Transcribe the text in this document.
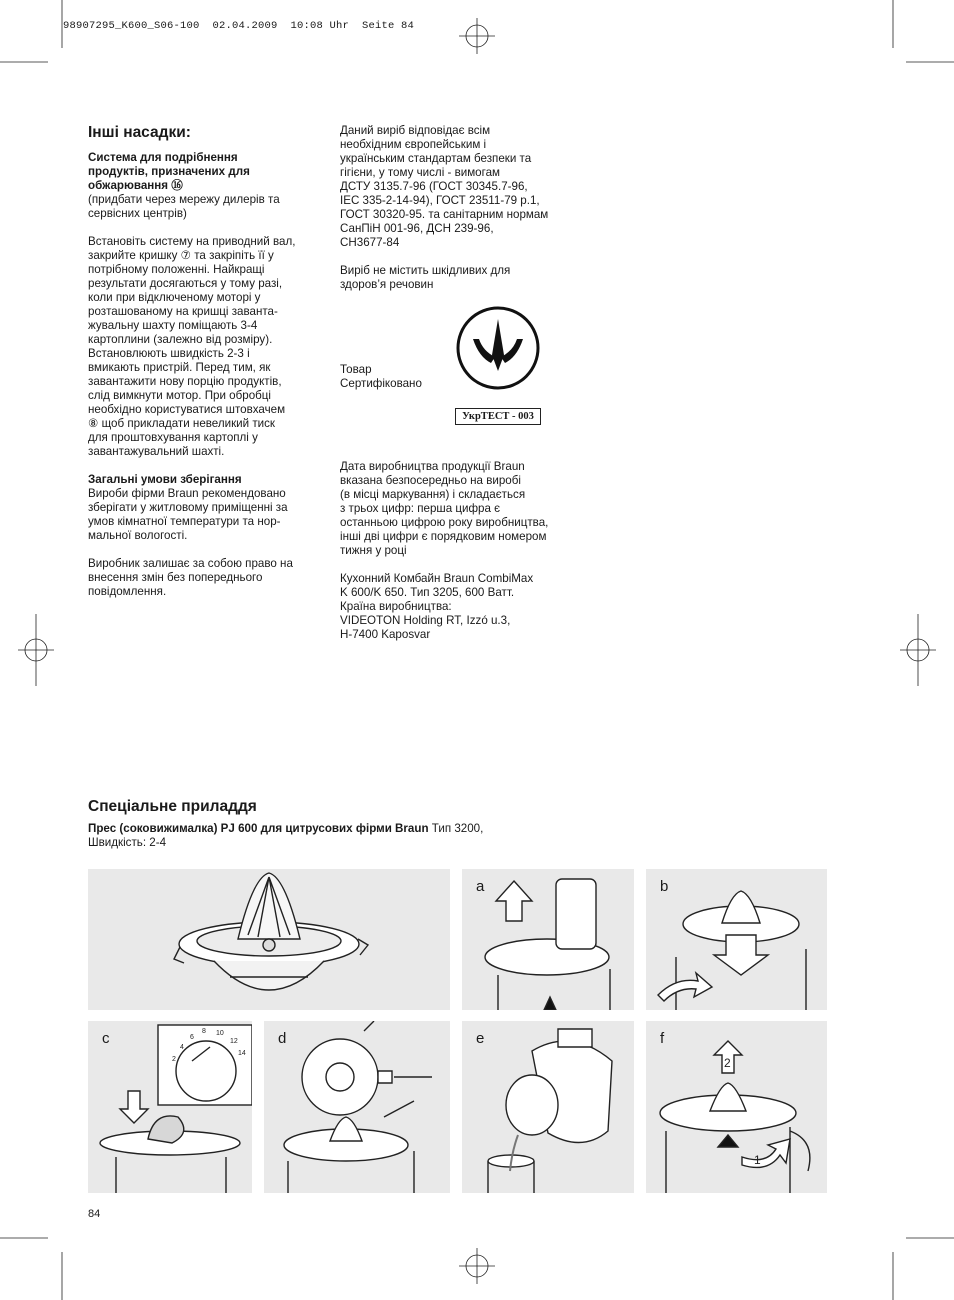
98907295_K600_S06-100  02.04.2009  10:08 Uhr  Seite 84
Інші насадки:

Система для подрібнення

продуктів, призначених для

обжарювання ⑯

(придбати через мережу дилерів та

сервісних центрів)

Встановіть систему на приводний вал,

закрийте кришку ⑦ та закріпіть її у

потрібному положенні. Найкращі

результати досягаються у тому разі,

коли при відключеному моторі у

розташованому на кришці заванта-

жувальну шахту поміщають 3-4

картоплини (залежно від розміру).

Встановлюють швидкість 2-3 і

вмикають пристрій. Перед тим, як

завантажити нову порцію продуктів,

слід вимкнути мотор. При обробці

необхідно користуватися штовхачем

⑧ щоб прикладати невеликий тиск

для проштовхування картоплі у

завантажувальний шахті.

Загальні умови зберігання

Вироби фірми Braun рекомендовано

зберігати у житловому приміщенні за

умов кімнатної температури та нор-

мальної вологості.

Виробник залишає за собою право на

внесення змін без попереднього

повідомлення.

Даний виріб відповідає всім

необхідним європейським і

українським стандартам безпеки та

гігієни, у тому числі - вимогам

ДСТУ 3135.7-96 (ГОСТ 30345.7-96,

IEC 335-2-14-94), ГОСТ 23511-79 р.1,

ГОСТ 30320-95. та санітарним нормам

СанПіН 001-96, ДСН 239-96,

СН3677-84

Виріб не містить шкідливих для

здоров’я речовин

Товар

Сертифіковано

УкрТЕСТ - 003

Дата виробництва продукції Braun

вказана безпосередньо на виробі

(в місці маркування) і складається

з трьох цифр: перша цифра є

останньою цифрою року виробництва,

інші дві цифри є порядковим номером

тижня у році

Кухонний Комбайн Braun CombiMax

K 600/K 650. Тип 3205, 600 Ватт.

Країна виробництва:

VIDEOTON Holding RT, Izzó u.3,

H-7400 Kaposvar

Спеціальне приладдя
Прес (соковижималка) PJ 600 для цитрусових фірми Braun Тип 3200,
Швидкість: 2-4
a	b
c
2
4
6
8 10
12
14
d	e	f
2
1
84
